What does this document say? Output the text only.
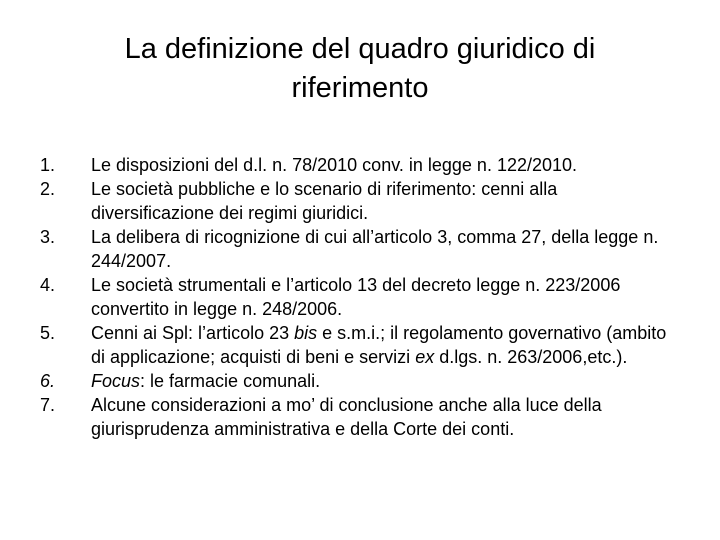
La definizione del quadro giuridico di riferimento
1.	Le disposizioni del d.l. n. 78/2010 conv. in legge n. 122/2010.
2.	Le società pubbliche e lo scenario di riferimento: cenni alla diversificazione dei regimi giuridici.
3.	La delibera di ricognizione di cui all’articolo 3, comma 27, della legge n. 244/2007.
4.	Le società strumentali e l’articolo 13 del decreto legge n. 223/2006 convertito in legge n. 248/2006.
5.	Cenni ai Spl: l’articolo 23 bis e s.m.i.; il regolamento governativo (ambito di applicazione; acquisti di beni e servizi ex d.lgs. n. 263/2006,etc.).
6.	Focus: le farmacie comunali.
7.	Alcune considerazioni a mo’ di conclusione anche alla luce della giurisprudenza amministrativa e della Corte dei conti.
